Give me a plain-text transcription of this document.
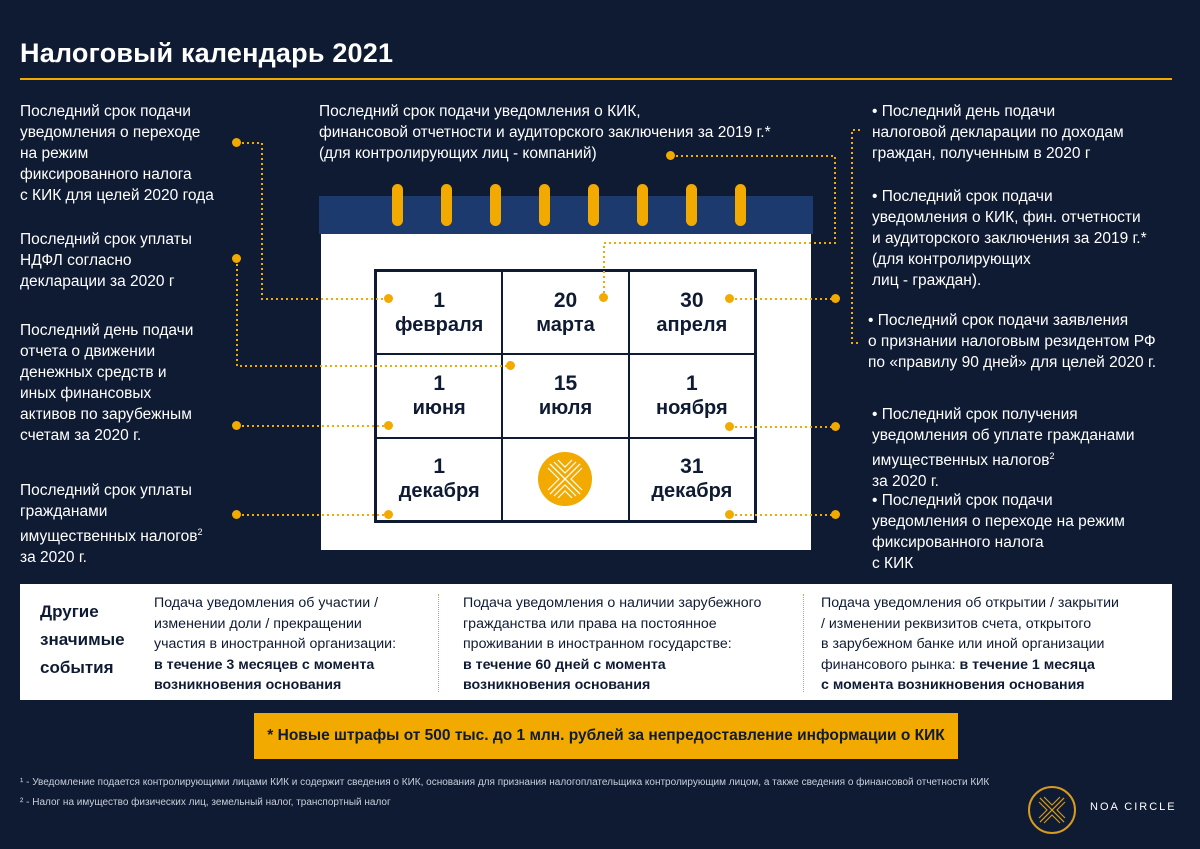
Налоговый календарь 2021
Последний срок подачи
уведомления о переходе
на режим
фиксированного налога
с КИК для целей 2020 года
Последний срок уплаты
НДФЛ согласно
декларации за 2020 г
Последний день подачи
отчета о движении
денежных средств и
иных финансовых
активов по зарубежным
счетам за 2020 г.
Последний срок уплаты
гражданами
имущественных налогов$^2$
за 2020 г.
Последний срок подачи уведомления о КИК,
финансовой отчетности и аудиторского заключения за 2019 г.*
(для контролирующих лиц - компаний)
• Последний день подачи
налоговой декларации по доходам
граждан, полученным в 2020 г
• Последний срок подачи
уведомления о КИК, фин. отчетности
и аудиторского заключения за 2019 г.*
(для контролирующих
лиц - граждан).
• Последний срок подачи заявления
о признании налоговым резидентом РФ
по «правилу 90 дней» для целей 2020 г.
• Последний срок получения
уведомления об уплате гражданами
имущественных налогов$^2$
за 2020 г.
• Последний срок подачи
уведомления о переходе на режим
фиксированного налога
с КИК
1
февраля
20
марта
30
апреля
1
июня
15
июля
1
ноября
1
декабря
31
декабря
Другие
значимые
события
Подача уведомления об участии /
изменении доли / прекращении
участия в иностранной организации:
в течение 3 месяцев с момента
возникновения основания
Подача уведомления о наличии зарубежного
гражданства или права на постоянное
проживании в иностранном государстве:
в течение 60 дней с момента
возникновения основания
Подача уведомления об открытии / закрытии
/ изменении реквизитов счета, открытого
в зарубежном банке или иной организации
финансового рынка: в течение 1 месяца
с момента возникновения основания
* Новые штрафы от 500 тыс. до 1 млн. рублей за непредоставление информации о КИК
¹ - Уведомление подается контролирующими лицами КИК и содержит сведения о КИК, основания для признания налогоплательщика контролирующим лицом, а также сведения о финансовой отчетности КИК
² - Налог на имущество физических лиц, земельный налог, транспортный налог	NOA CIRCLE
